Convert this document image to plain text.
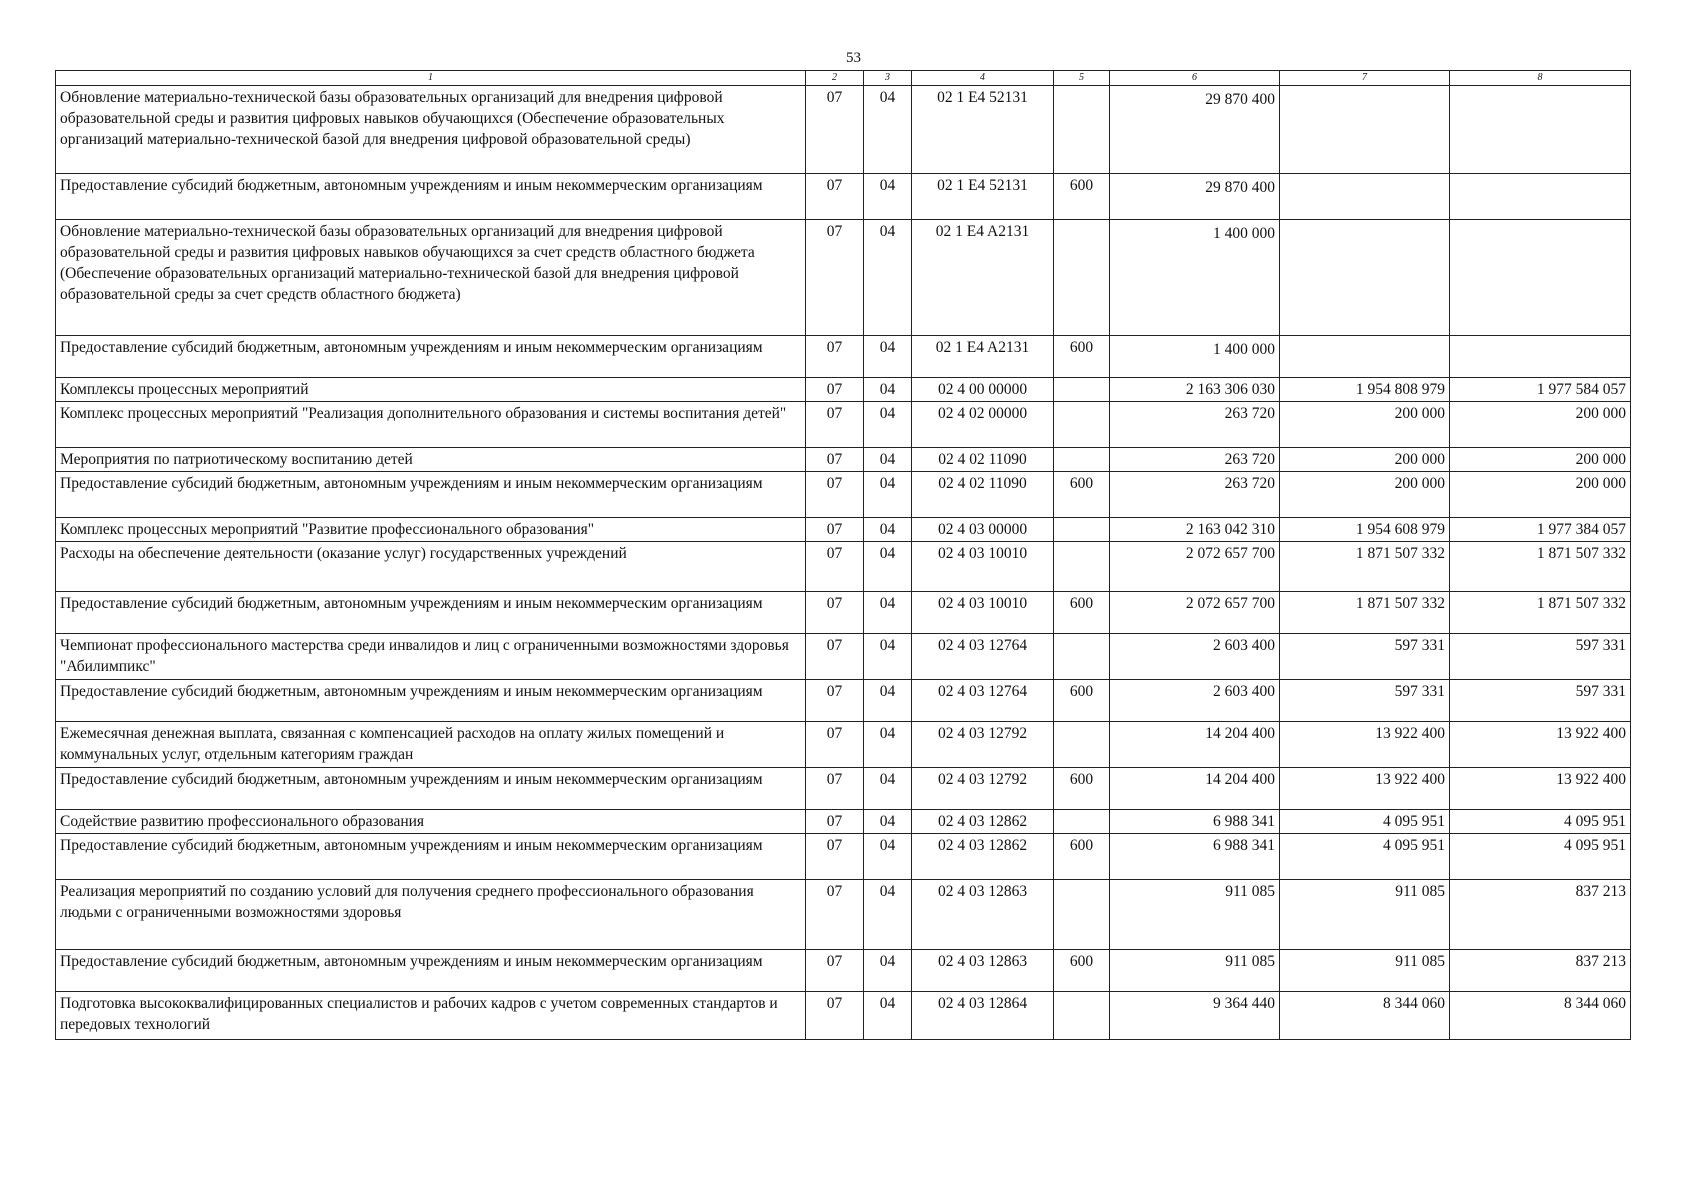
53
1	2	3	4	5	6	7	8
Обновление материально-технической базы образовательных организаций для внедрения цифровой образовательной среды и развития цифровых навыков обучающихся (Обеспечение образовательных организаций материально-технической базой для внедрения цифровой образовательной среды)	07	04	02 1 E4 52131		29 870 400		
Предоставление субсидий бюджетным, автономным учреждениям и иным некоммерческим организациям	07	04	02 1 E4 52131	600	29 870 400		
Обновление материально-технической базы образовательных организаций для внедрения цифровой образовательной среды и развития цифровых навыков обучающихся за счет средств областного бюджета (Обеспечение образовательных организаций материально-технической базой для внедрения цифровой образовательной среды за счет средств областного бюджета)	07	04	02 1 E4 A2131		1 400 000		
Предоставление субсидий бюджетным, автономным учреждениям и иным некоммерческим организациям	07	04	02 1 E4 A2131	600	1 400 000		
Комплексы процессных мероприятий	07	04	02 4 00 00000		2 163 306 030	1 954 808 979	1 977 584 057
Комплекс процессных мероприятий "Реализация дополнительного образования и системы воспитания детей"	07	04	02 4 02 00000		263 720	200 000	200 000
Мероприятия по патриотическому воспитанию детей	07	04	02 4 02 11090		263 720	200 000	200 000
Предоставление субсидий бюджетным, автономным учреждениям и иным некоммерческим организациям	07	04	02 4 02 11090	600	263 720	200 000	200 000
Комплекс процессных мероприятий "Развитие профессионального образования"	07	04	02 4 03 00000		2 163 042 310	1 954 608 979	1 977 384 057
Расходы на обеспечение деятельности (оказание услуг) государственных учреждений	07	04	02 4 03 10010		2 072 657 700	1 871 507 332	1 871 507 332
Предоставление субсидий бюджетным, автономным учреждениям и иным некоммерческим организациям	07	04	02 4 03 10010	600	2 072 657 700	1 871 507 332	1 871 507 332
Чемпионат профессионального мастерства среди инвалидов и лиц с ограниченными возможностями здоровья "Абилимпикс"	07	04	02 4 03 12764		2 603 400	597 331	597 331
Предоставление субсидий бюджетным, автономным учреждениям и иным некоммерческим организациям	07	04	02 4 03 12764	600	2 603 400	597 331	597 331
Ежемесячная денежная выплата, связанная с компенсацией расходов на оплату жилых помещений и коммунальных услуг, отдельным категориям граждан	07	04	02 4 03 12792		14 204 400	13 922 400	13 922 400
Предоставление субсидий бюджетным, автономным учреждениям и иным некоммерческим организациям	07	04	02 4 03 12792	600	14 204 400	13 922 400	13 922 400
Содействие развитию профессионального образования	07	04	02 4 03 12862		6 988 341	4 095 951	4 095 951
Предоставление субсидий бюджетным, автономным учреждениям и иным некоммерческим организациям	07	04	02 4 03 12862	600	6 988 341	4 095 951	4 095 951
Реализация мероприятий по созданию условий для получения среднего профессионального образования людьми с ограниченными возможностями здоровья	07	04	02 4 03 12863		911 085	911 085	837 213
Предоставление субсидий бюджетным, автономным учреждениям и иным некоммерческим организациям	07	04	02 4 03 12863	600	911 085	911 085	837 213
Подготовка высококвалифицированных специалистов и рабочих кадров с учетом современных стандартов и передовых технологий	07	04	02 4 03 12864		9 364 440	8 344 060	8 344 060
